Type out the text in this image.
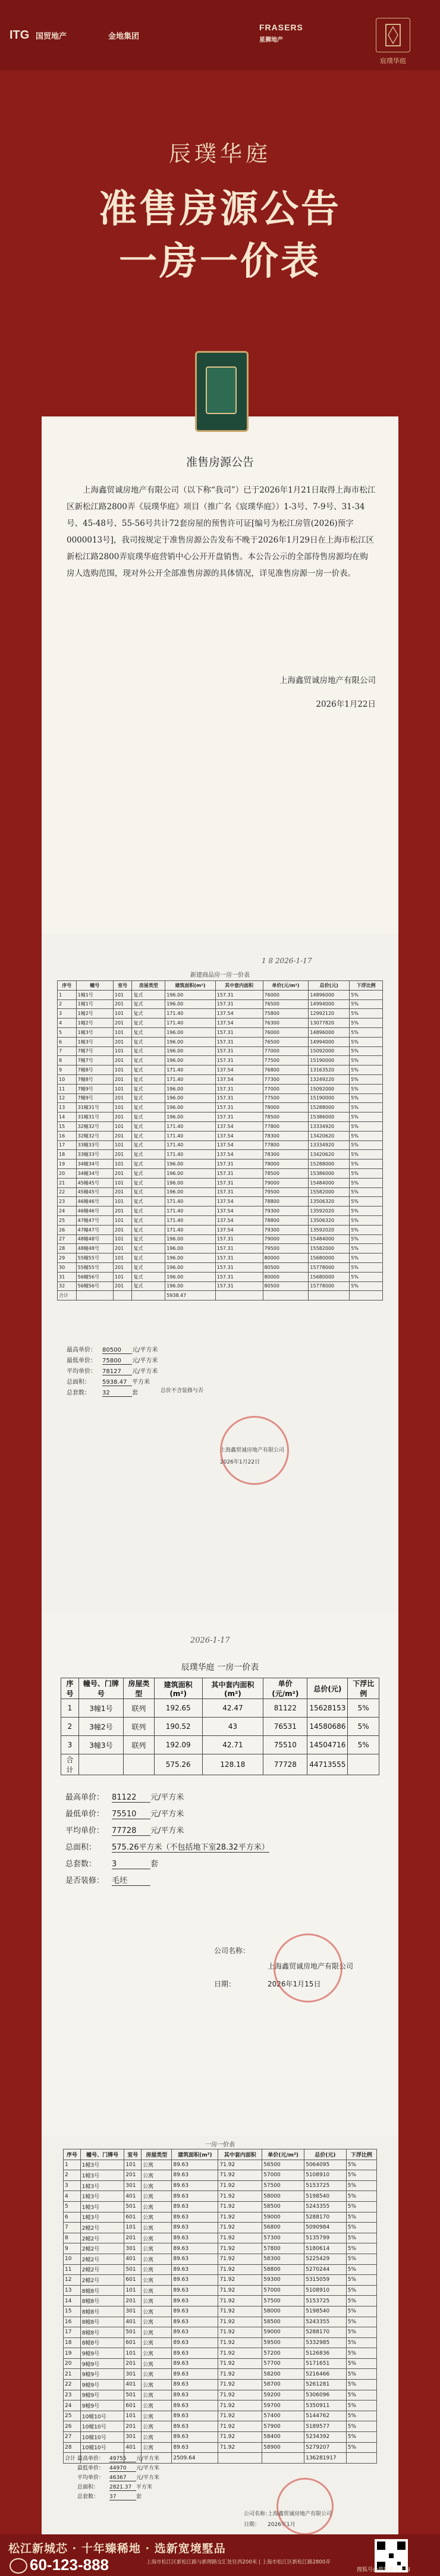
ITG 国贸地产	金地集团
FRASERS
星狮地产
宸璞华庭
辰璞华庭
准售房源公告
一房一价表
准售房源公告
上海鑫贸诚房地产有限公司（以下称“我司”）已于2026年1月21日取得上海市松江区新松江路2800弄《辰璞华庭》项目（推广名《宸璞华庭》）1-3号、7-9号、31-34号、45-48号、55-56号共计72套房屋的预售许可证[编号为松江房管(2026)预字0000013号]，我司按规定于准售房源公告发布不晚于2026年1月29日在上海市松江区新松江路2800弄宸璞华庭营销中心公开开盘销售。本公告公示的全部待售房源均在购房人选购范围，现对外公开全部准售房源的具体情况，详见准售房源一房一价表。
上海鑫贸诚房地产有限公司
2026年1月22日
1 8 2026-1-17
新建商品房一房一价表
序号	幢号	室号	房屋类型	建筑面积(m²)	其中套内面积	单价(元/m²)	总价(元)	下浮比例
1	1幢1号	101	复式	196.00	157.31	76000	14896000	5%
2	1幢1号	201	复式	196.00	157.31	76500	14994000	5%
3	1幢2号	101	复式	171.40	137.54	75800	12992120	5%
4	1幢2号	201	复式	171.40	137.54	76300	13077820	5%
5	1幢3号	101	复式	196.00	157.31	76000	14896000	5%
6	1幢3号	201	复式	196.00	157.31	76500	14994000	5%
7	7幢7号	101	复式	196.00	157.31	77000	15092000	5%
8	7幢7号	201	复式	196.00	157.31	77500	15190000	5%
9	7幢8号	101	复式	171.40	137.54	76800	13163520	5%
10	7幢8号	201	复式	171.40	137.54	77300	13249220	5%
11	7幢9号	101	复式	196.00	157.31	77000	15092000	5%
12	7幢9号	201	复式	196.00	157.31	77500	15190000	5%
13	31幢31号	101	复式	196.00	157.31	78000	15288000	5%
14	31幢31号	201	复式	196.00	157.31	78500	15386000	5%
15	32幢32号	101	复式	171.40	137.54	77800	13334920	5%
16	32幢32号	201	复式	171.40	137.54	78300	13420620	5%
17	33幢33号	101	复式	171.40	137.54	77800	13334920	5%
18	33幢33号	201	复式	171.40	137.54	78300	13420620	5%
19	34幢34号	101	复式	196.00	157.31	78000	15288000	5%
20	34幢34号	201	复式	196.00	157.31	78500	15386000	5%
21	45幢45号	101	复式	196.00	157.31	79000	15484000	5%
22	45幢45号	201	复式	196.00	157.31	79500	15582000	5%
23	46幢46号	101	复式	171.40	137.54	78800	13506320	5%
24	46幢46号	201	复式	171.40	137.54	79300	13592020	5%
25	47幢47号	101	复式	171.40	137.54	78800	13506320	5%
26	47幢47号	201	复式	171.40	137.54	79300	13592020	5%
27	48幢48号	101	复式	196.00	157.31	79000	15484000	5%
28	48幢48号	201	复式	196.00	157.31	79500	15582000	5%
29	55幢55号	101	复式	196.00	157.31	80000	15680000	5%
30	55幢55号	201	复式	196.00	157.31	80500	15778000	5%
31	56幢56号	101	复式	196.00	157.31	80000	15680000	5%
32	56幢56号	201	复式	196.00	157.31	80500	15778000	5%
合计				5938.47				
最高单价： 80500 元/平方米
最低单价： 75800 元/平方米
平均单价： 78127 元/平方米
总面积： 5938.47 平方米
总套数： 32	套	总价不含装修与否
上海鑫贸诚房地产有限公司
2026年1月22日
2026-1-17
辰璞华庭 一房一价表
序号	幢号、门牌号	房屋类型	建筑面积(m²)	其中套内面积(m²)	单价(元/m²)	总价(元)	下浮比例
1	3幢1号	联列	192.65	42.47	81122	15628153	5%
2	3幢2号	联列	190.52	43	76531	14580686	5%
3	3幢3号	联列	192.09	42.71	75510	14504716	5%
合计			575.26	128.18	77728	44713555	
最高单价： 81122 元/平方米
最低单价： 75510 元/平方米
平均单价： 77728 元/平方米
总面积： 575.26平方米（不包括地下室28.32平方米）
总套数： 3	套
是否装修： 毛坯
公司名称：
上海鑫贸诚房地产有限公司
日期：	2026年1月15日
一房一价表
序号	幢号、门牌号	室号	房屋类型	建筑面积(m²)	其中套内面积	单价(元/m²)	总价(元)	下浮比例
1	1幢3号	101	公寓	89.63	71.92	56500	5064095	5%
2	1幢3号	201	公寓	89.63	71.92	57000	5108910	5%
3	1幢3号	301	公寓	89.63	71.92	57500	5153725	5%
4	1幢3号	401	公寓	89.63	71.92	58000	5198540	5%
5	1幢3号	501	公寓	89.63	71.92	58500	5243355	5%
6	1幢3号	601	公寓	89.63	71.92	59000	5288170	5%
7	2幢2号	101	公寓	89.63	71.92	56800	5090984	5%
8	2幢2号	201	公寓	89.63	71.92	57300	5135799	5%
9	2幢2号	301	公寓	89.63	71.92	57800	5180614	5%
10	2幢2号	401	公寓	89.63	71.92	58300	5225429	5%
11	2幢2号	501	公寓	89.63	71.92	58800	5270244	5%
12	2幢2号	601	公寓	89.63	71.92	59300	5315059	5%
13	8幢8号	101	公寓	89.63	71.92	57000	5108910	5%
14	8幢8号	201	公寓	89.63	71.92	57500	5153725	5%
15	8幢8号	301	公寓	89.63	71.92	58000	5198540	5%
16	8幢8号	401	公寓	89.63	71.92	58500	5243355	5%
17	8幢8号	501	公寓	89.63	71.92	59000	5288170	5%
18	8幢8号	601	公寓	89.63	71.92	59500	5332985	5%
19	9幢9号	101	公寓	89.63	71.92	57200	5126836	5%
20	9幢9号	201	公寓	89.63	71.92	57700	5171651	5%
21	9幢9号	301	公寓	89.63	71.92	58200	5216466	5%
22	9幢9号	401	公寓	89.63	71.92	58700	5261281	5%
23	9幢9号	501	公寓	89.63	71.92	59200	5306096	5%
24	9幢9号	601	公寓	89.63	71.92	59700	5350911	5%
25	10幢10号	101	公寓	89.63	71.92	57400	5144762	5%
26	10幢10号	201	公寓	89.63	71.92	57900	5189577	5%
27	10幢10号	301	公寓	89.63	71.92	58400	5234392	5%
28	10幢10号	401	公寓	89.63	71.92	58900	5279207	5%
合计				2509.64			136281917	
最高单价： 49755 元/平方米
最低单价： 44970 元/平方米
平均单价： 46367 元/平方米
总面积： 2821.37 平方米
总套数： 37	套
公司名称：
上海鑫贸诚房地产有限公司
日期： 2026年1月
松江新城芯 · 十年臻稀地 · 选新宽境墅品
60-123-888	上海市松江区新松江路与新理路交汇处往西200米 | 上海市松江区新松江路2800弄
搜狐号@搜狐焦点上海
